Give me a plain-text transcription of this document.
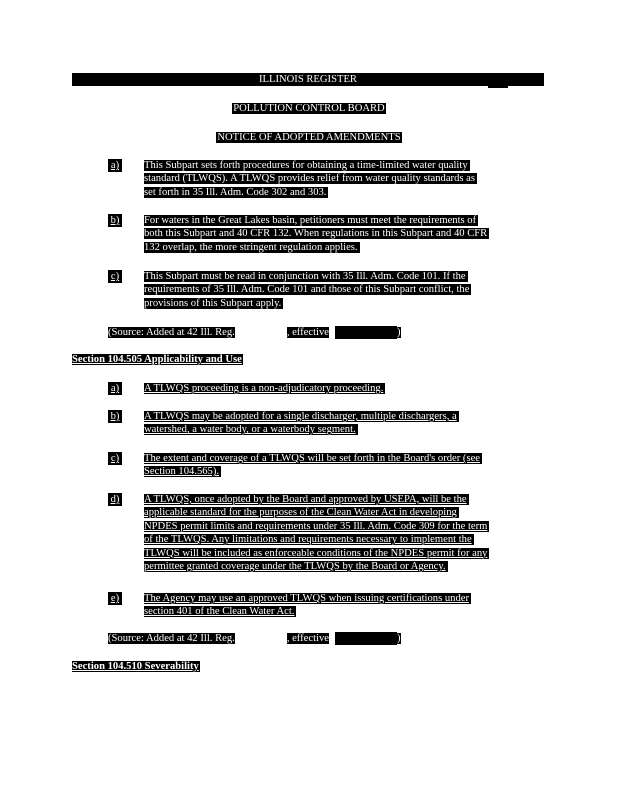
ILLINOIS REGISTER
POLLUTION CONTROL BOARD
NOTICE OF ADOPTED AMENDMENTS
a) This Subpart sets forth procedures for obtaining a time-limited water quality
standard (TLWQS). A TLWQS provides relief from water quality standards as
set forth in 35 Ill. Adm. Code 302 and 303.
b) For waters in the Great Lakes basin, petitioners must meet the requirements of
both this Subpart and 40 CFR 132. When regulations in this Subpart and 40 CFR
132 overlap, the more stringent regulation applies.
c) This Subpart must be read in conjunction with 35 Ill. Adm. Code 101. If the
requirements of 35 Ill. Adm. Code 101 and those of this Subpart conflict, the
provisions of this Subpart apply.
(Source: Added at 42 Ill. Reg.	, effective	)
Section 104.505 Applicability and Use
a) A TLWQS proceeding is a non-adjudicatory proceeding.
b) A TLWQS may be adopted for a single discharger, multiple dischargers, a
watershed, a water body, or a waterbody segment.
c) The extent and coverage of a TLWQS will be set forth in the Board's order (see
Section 104.565).
d) A TLWQS, once adopted by the Board and approved by USEPA, will be the
applicable standard for the purposes of the Clean Water Act in developing
NPDES permit limits and requirements under 35 Ill. Adm. Code 309 for the term
of the TLWQS. Any limitations and requirements necessary to implement the
TLWQS will be included as enforceable conditions of the NPDES permit for any
permittee granted coverage under the TLWQS by the Board or Agency.
e) The Agency may use an approved TLWQS when issuing certifications under
section 401 of the Clean Water Act.
(Source: Added at 42 Ill. Reg.	, effective	)
Section 104.510 Severability
